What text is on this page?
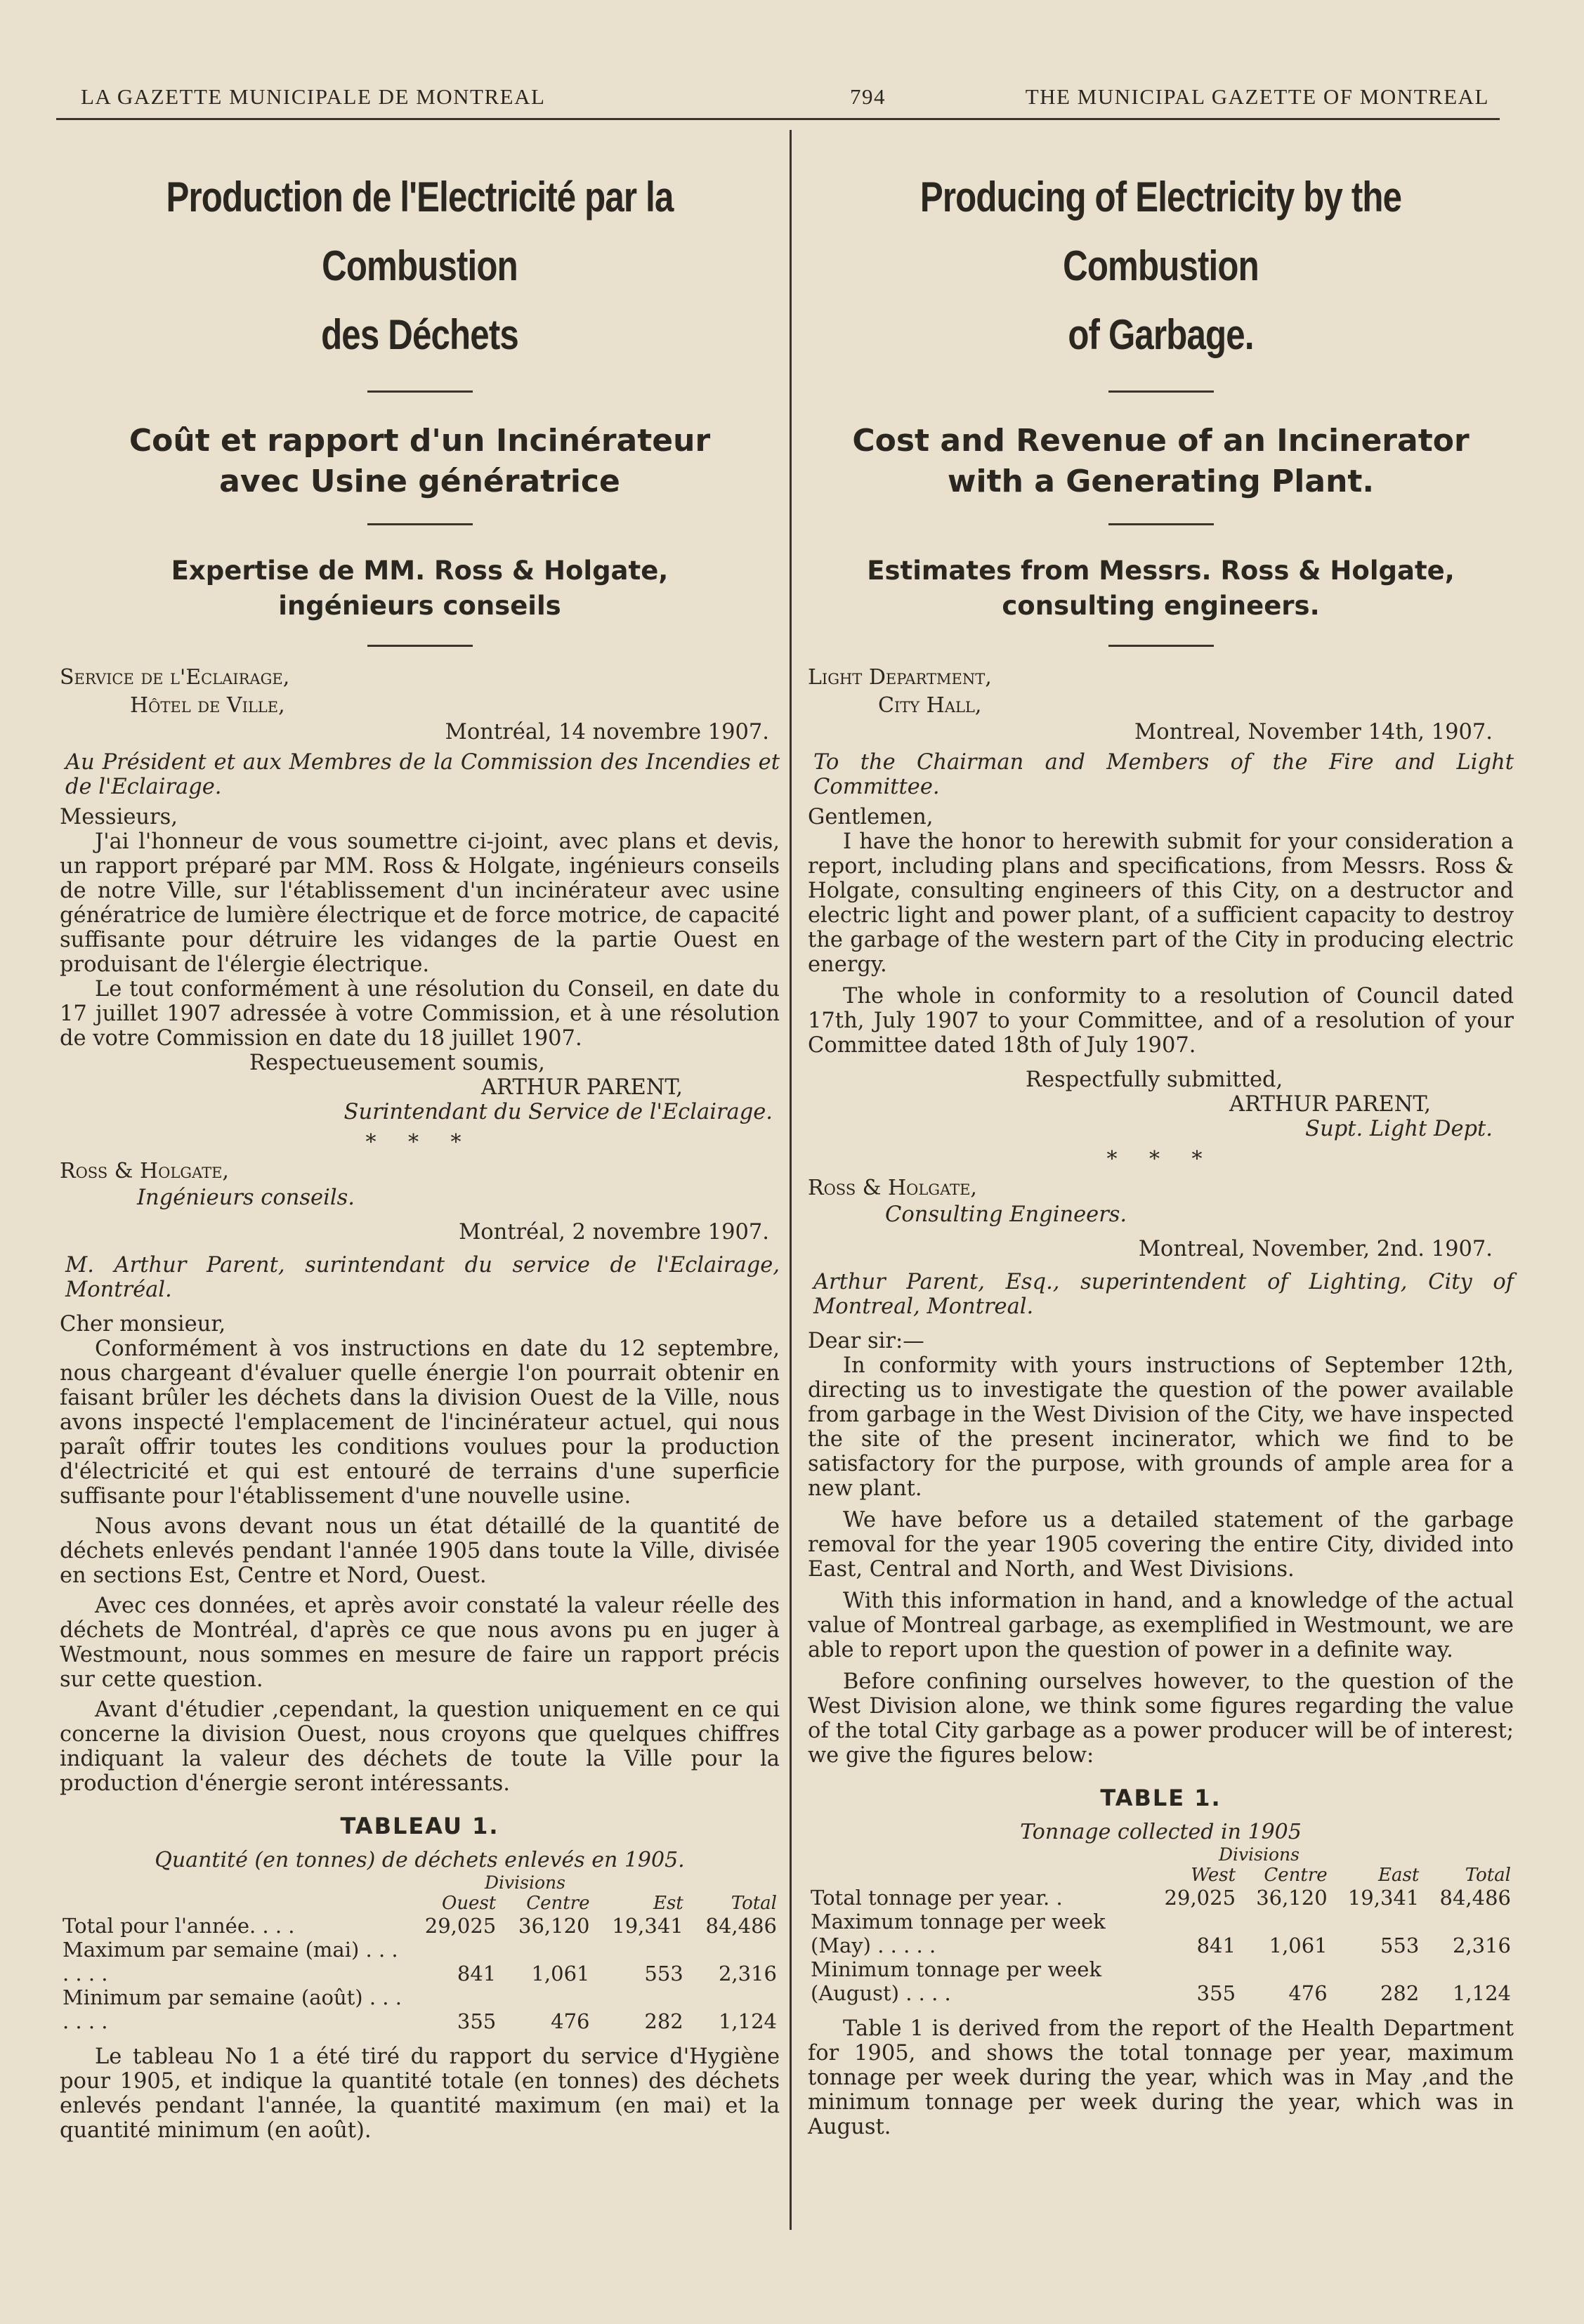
LA GAZETTE MUNICIPALE DE MONTREAL	794	THE MUNICIPAL GAZETTE OF MONTREAL
Production de l'Electricité par la Combustion
des Déchets
Coût et rapport d'un Incinérateur
avec Usine génératrice
Expertise de MM. Ross & Holgate,
ingénieurs conseils
Service de l'Eclairage,
Hôtel de Ville,
Montréal, 14 novembre 1907.

Au Président et aux Membres de la Commission des Incendies et de l'Eclairage.

Messieurs,

J'ai l'honneur de vous soumettre ci-joint, avec plans et devis, un rapport préparé par MM. Ross & Holgate, ingénieurs conseils de notre Ville, sur l'établissement d'un incinérateur avec usine génératrice de lumière électrique et de force motrice, de capacité suffisante pour détruire les vidanges de la partie Ouest en produisant de l'élergie électrique.

Le tout conformément à une résolution du Conseil, en date du 17 juillet 1907 adressée à votre Commission, et à une résolution de votre Commission en date du 18 juillet 1907.

Respectueusement soumis,

ARTHUR PARENT,

Surintendant du Service de l'Eclairage.

* * *
Ross & Holgate,
Ingénieurs conseils.
Montréal, 2 novembre 1907.

M. Arthur Parent, surintendant du service de l'Eclairage, Montréal.

Cher monsieur,

Conformément à vos instructions en date du 12 septembre, nous chargeant d'évaluer quelle énergie l'on pourrait obtenir en faisant brûler les déchets dans la division Ouest de la Ville, nous avons inspecté l'emplacement de l'incinérateur actuel, qui nous paraît offrir toutes les conditions voulues pour la production d'électricité et qui est entouré de terrains d'une superficie suffisante pour l'établissement d'une nouvelle usine.

Nous avons devant nous un état détaillé de la quantité de déchets enlevés pendant l'année 1905 dans toute la Ville, divisée en sections Est, Centre et Nord, Ouest.

Avec ces données, et après avoir constaté la valeur réelle des déchets de Montréal, d'après ce que nous avons pu en juger à Westmount, nous sommes en mesure de faire un rapport précis sur cette question.

Avant d'étudier ,cependant, la question uniquement en ce qui concerne la division Ouest, nous croyons que quelques chiffres indiquant la valeur des déchets de toute la Ville pour la production d'énergie seront intéressants.

TABLEAU 1.
Quantité (en tonnes) de déchets enlevés en 1905.
Divisions
	Ouest	Centre	Est	Total
Total pour l'année. . . .	29,025	36,120	19,341	84,486
Maximum par semaine (mai) . . . . . . .	841	1,061	553	2,316
Minimum par semaine (août) . . . . . . .	355	476	282	1,124

Le tableau No 1 a été tiré du rapport du service d'Hygiène pour 1905, et indique la quantité totale (en tonnes) des déchets enlevés pendant l'année, la quantité maximum (en mai) et la quantité minimum (en août).

Producing of Electricity by the Combustion
of Garbage.
Cost and Revenue of an Incinerator
with a Generating Plant.
Estimates from Messrs. Ross & Holgate,
consulting engineers.
Light Department,
City Hall,
Montreal, November 14th, 1907.

To the Chairman and Members of the Fire and Light Committee.

Gentlemen,

I have the honor to herewith submit for your consideration a report, including plans and specifications, from Messrs. Ross & Holgate, consulting engineers of this City, on a destructor and electric light and power plant, of a sufficient capacity to destroy the garbage of the western part of the City in producing electric energy.

The whole in conformity to a resolution of Council dated 17th, July 1907 to your Committee, and of a resolution of your Committee dated 18th of July 1907.

Respectfully submitted,

ARTHUR PARENT,

Supt. Light Dept.

* * *
Ross & Holgate,
Consulting Engineers.
Montreal, November, 2nd. 1907.

Arthur Parent, Esq., superintendent of Lighting, City of Montreal, Montreal.

Dear sir:—

In conformity with yours instructions of September 12th, directing us to investigate the question of the power available from garbage in the West Division of the City, we have inspected the site of the present incinerator, which we find to be satisfactory for the purpose, with grounds of ample area for a new plant.

We have before us a detailed statement of the garbage removal for the year 1905 covering the entire City, divided into East, Central and North, and West Divisions.

With this information in hand, and a knowledge of the actual value of Montreal garbage, as exemplified in Westmount, we are able to report upon the question of power in a definite way.

Before confining ourselves however, to the question of the West Division alone, we think some figures regarding the value of the total City garbage as a power producer will be of interest; we give the figures below:

TABLE 1.
Tonnage collected in 1905
Divisions
	West	Centre	East	Total
Total tonnage per year. .	29,025	36,120	19,341	84,486
Maximum tonnage per week (May) . . . . .	841	1,061	553	2,316
Minimum tonnage per week (August) . . . .	355	476	282	1,124

Table 1 is derived from the report of the Health Department for 1905, and shows the total tonnage per year, maximum tonnage per week during the year, which was in May ,and the minimum tonnage per week during the year, which was in August.
